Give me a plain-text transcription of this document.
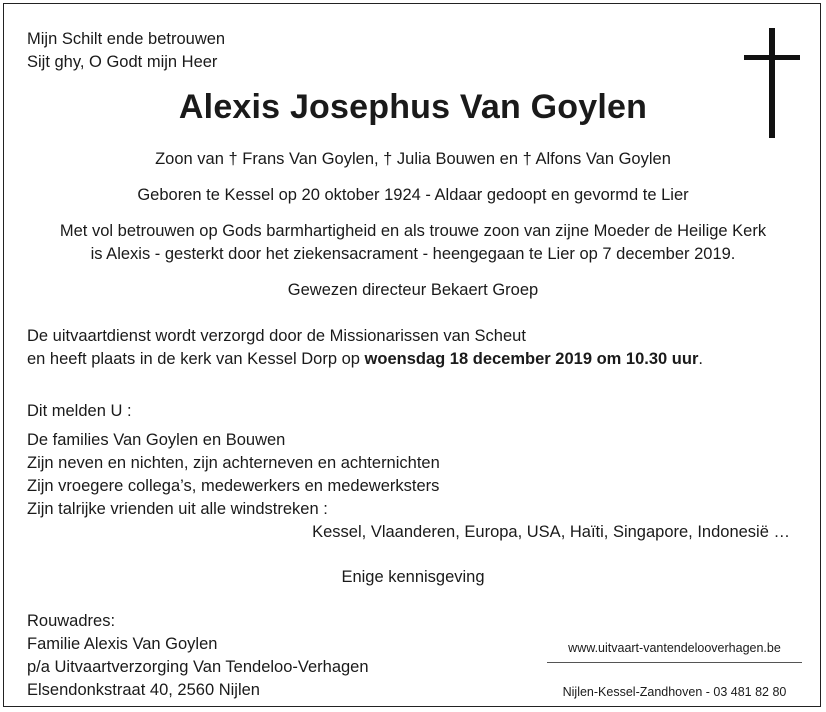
Mijn Schilt ende betrouwen
Sijt ghy, O Godt mijn Heer
Alexis Josephus Van Goylen
Zoon van † Frans Van Goylen, † Julia Bouwen en † Alfons Van Goylen
Geboren te Kessel op 20 oktober 1924 - Aldaar gedoopt en gevormd te Lier
Met vol betrouwen op Gods barmhartigheid en als trouwe zoon van zijne Moeder de Heilige Kerk
is Alexis - gesterkt door het ziekensacrament - heengegaan te Lier op 7 december 2019.
Gewezen directeur Bekaert Groep
De uitvaartdienst wordt verzorgd door de Missionarissen van Scheut
en heeft plaats in de kerk van Kessel Dorp op woensdag 18 december 2019 om 10.30 uur.
Dit melden U :
De families Van Goylen en Bouwen
Zijn neven en nichten, zijn achterneven en achternichten
Zijn vroegere collega’s, medewerkers en medewerksters
Zijn talrijke vrienden uit alle windstreken :
Kessel, Vlaanderen, Europa, USA, Haïti, Singapore, Indonesië …
Enige kennisgeving
Rouwadres:
Familie Alexis Van Goylen
p/a Uitvaartverzorging Van Tendeloo-Verhagen
Elsendonkstraat 40, 2560 Nijlen
www.uitvaart-vantendelooverhagen.be
Nijlen-Kessel-Zandhoven - 03 481 82 80
